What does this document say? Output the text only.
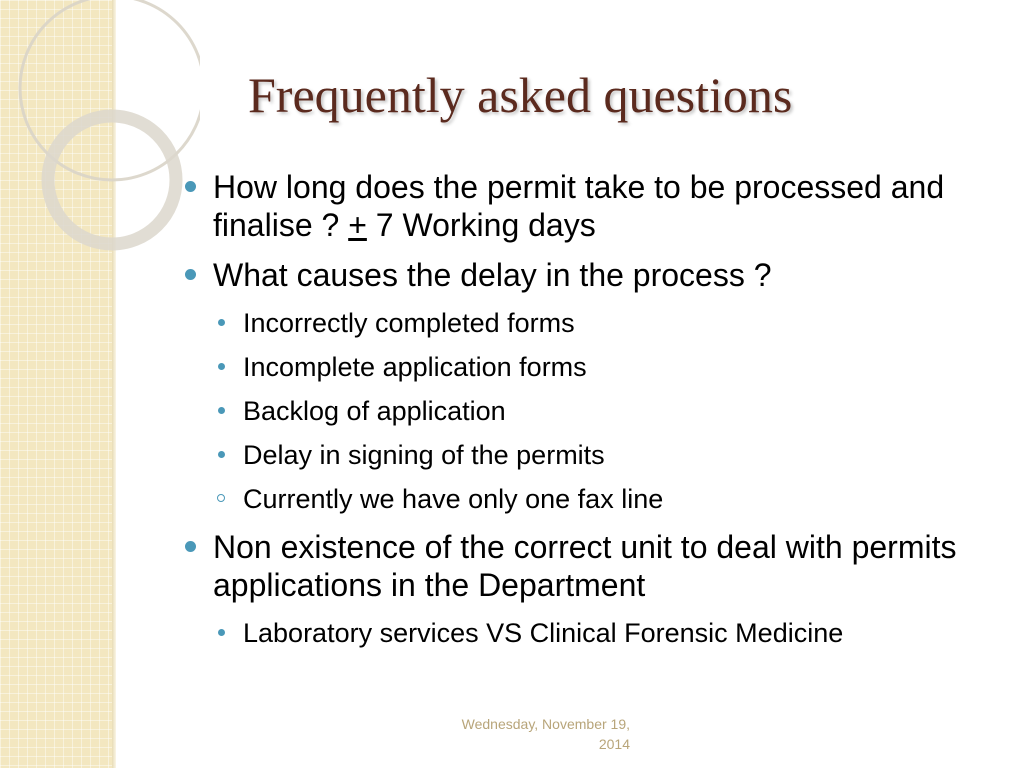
Frequently asked questions
How long does the permit take to be processed and finalise ? + 7 Working days
What causes the delay in the process ?
Incorrectly completed forms
Incomplete application forms
Backlog of application
Delay in signing of the permits
Currently we have only one fax line
Non existence of the correct unit to deal with permits applications in the Department
Laboratory services VS Clinical Forensic Medicine
Wednesday, November 19, 2014
